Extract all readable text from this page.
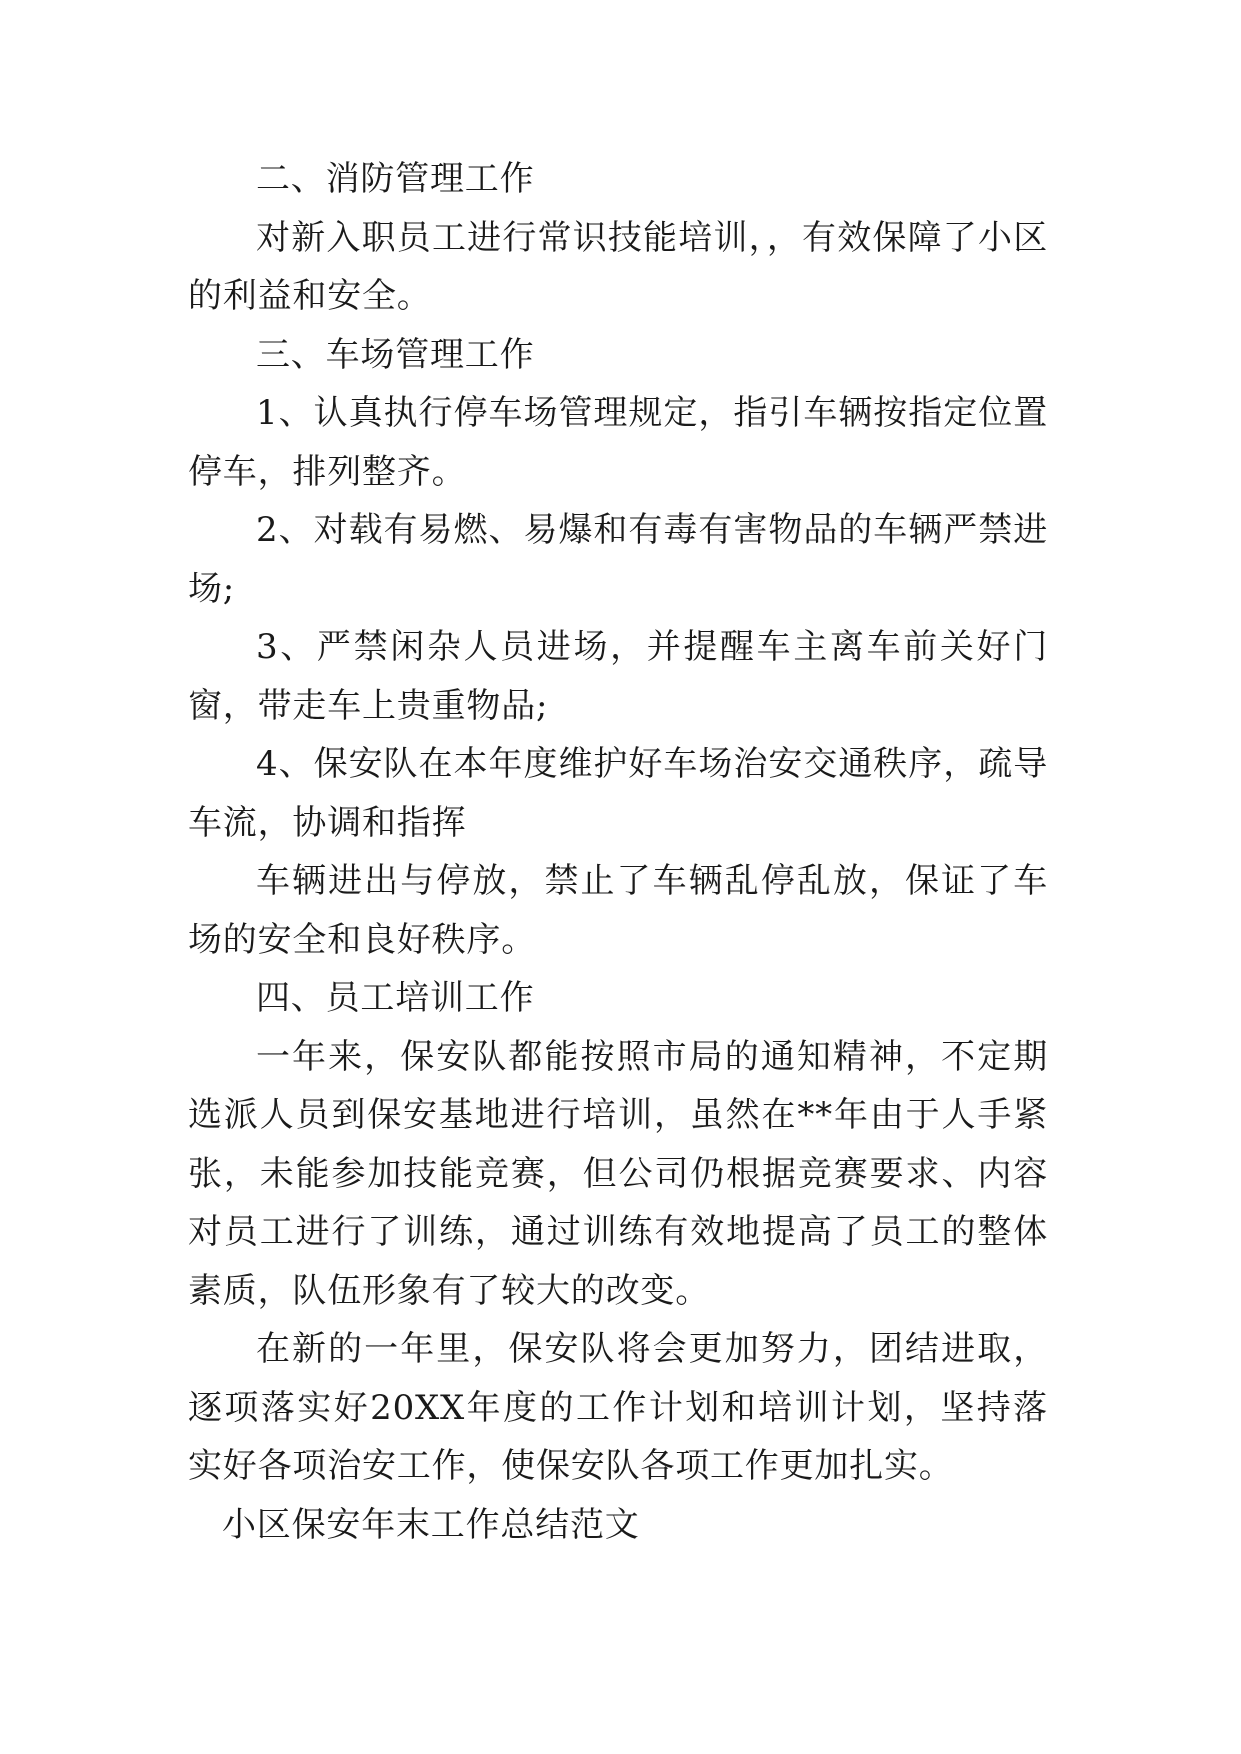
二、消防管理工作

对新入职员工进行常识技能培训，，有效保障了小区的利益和安全。

三、车场管理工作

1、认真执行停车场管理规定，指引车辆按指定位置停车，排列整齐。

2、对载有易燃、易爆和有毒有害物品的车辆严禁进场;

3、严禁闲杂人员进场，并提醒车主离车前关好门窗，带走车上贵重物品;

4、保安队在本年度维护好车场治安交通秩序，疏导车流，协调和指挥

车辆进出与停放，禁止了车辆乱停乱放，保证了车场的安全和良好秩序。

四、员工培训工作

一年来，保安队都能按照市局的通知精神，不定期选派人员到保安基地进行培训，虽然在**年由于人手紧张，未能参加技能竞赛，但公司仍根据竞赛要求、内容对员工进行了训练，通过训练有效地提高了员工的整体素质，队伍形象有了较大的改变。

在新的一年里，保安队将会更加努力，团结进取，逐项落实好20XX年度的工作计划和培训计划，坚持落实好各项治安工作，使保安队各项工作更加扎实。

小区保安年末工作总结范文
